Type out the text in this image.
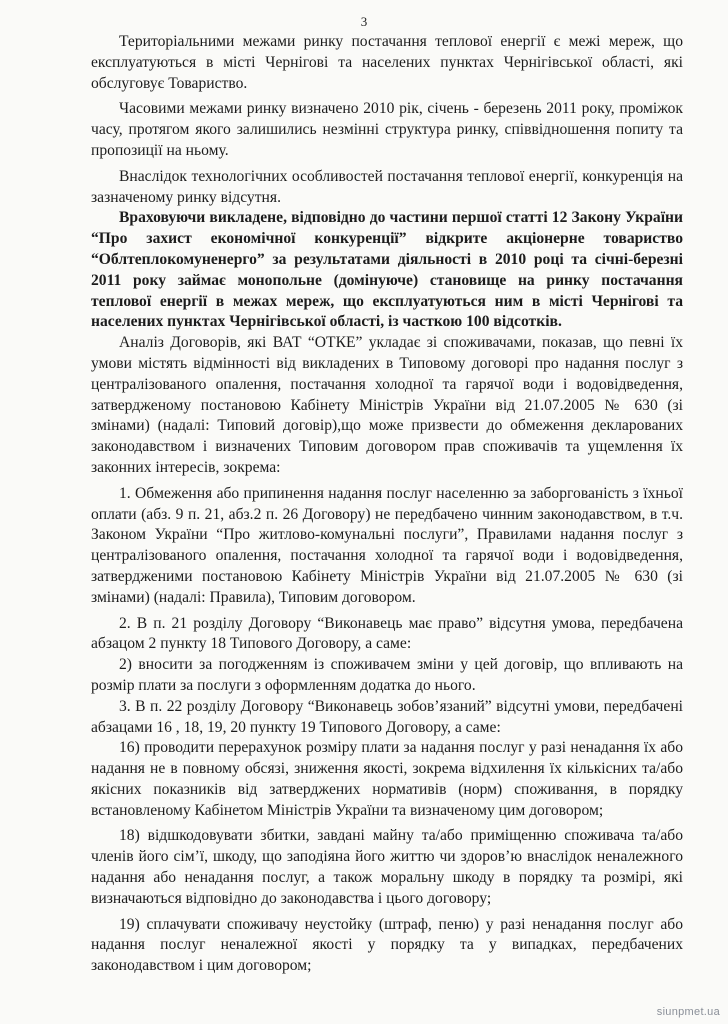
3

Територіальними межами ринку постачання теплової енергії є межі мереж, що експлуатуються в місті Чернігові та населених пунктах Чернігівської області, які обслуговує Товариство.

Часовими межами ринку визначено 2010 рік, січень - березень 2011 року, проміжок часу, протягом якого залишились незмінні структура ринку, співвідношення попиту та пропозиції на ньому.

Внаслідок технологічних особливостей постачання теплової енергії, конкуренція на зазначеному ринку відсутня.

Враховуючи викладене, відповідно до частини першої статті 12 Закону України “Про захист економічної конкуренції” відкрите акціонерне товариство “Облтеплокомуненерго” за результатами діяльності в 2010 році та січні-березні 2011 року займає монопольне (домінуюче) становище на ринку постачання теплової енергії в межах мереж, що експлуатуються ним в місті Чернігові та населених пунктах Чернігівської області, із часткою 100 відсотків.

Аналіз Договорів, які ВАТ “ОТКЕ” укладає зі споживачами, показав, що певні їх умови містять відмінності від викладених в Типовому договорі про надання послуг з централізованого опалення, постачання холодної та гарячої води і водовідведення, затвердженому постановою Кабінету Міністрів України від 21.07.2005 № 630 (зі змінами) (надалі: Типовий договір),що може призвести до обмеження декларованих законодавством і визначених Типовим договором прав споживачів та ущемлення їх законних інтересів, зокрема:

1. Обмеження або припинення надання послуг населенню за заборгованість з їхньої оплати (абз. 9 п. 21, абз.2 п. 26 Договору) не передбачено чинним законодавством, в т.ч. Законом України “Про житлово-комунальні послуги”, Правилами надання послуг з централізованого опалення, постачання холодної та гарячої води і водовідведення, затвердженими постановою Кабінету Міністрів України від 21.07.2005 № 630 (зі змінами) (надалі: Правила), Типовим договором.

2. В п. 21 розділу Договору “Виконавець має право” відсутня умова, передбачена абзацом 2 пункту 18 Типового Договору, а саме:

2) вносити за погодженням із споживачем зміни у цей договір, що впливають на розмір плати за послуги з оформленням додатка до нього.

3. В п. 22 розділу Договору “Виконавець зобов’язаний” відсутні умови, передбачені абзацами 16 , 18, 19, 20 пункту 19 Типового Договору, а саме:

16) проводити перерахунок розміру плати за надання послуг у разі ненадання їх або надання не в повному обсязі, зниження якості, зокрема відхилення їх кількісних та/або якісних показників від затверджених нормативів (норм) споживання, в порядку встановленому Кабінетом Міністрів України та визначеному цим договором;

18) відшкодовувати збитки, завдані майну та/або приміщенню споживача та/або членів його сім’ї, шкоду, що заподіяна його життю чи здоров’ю внаслідок неналежного надання або ненадання послуг, а також моральну шкоду в порядку та розмірі, які визначаються відповідно до законодавства і цього договору;

19) сплачувати споживачу неустойку (штраф, пеню) у разі ненадання послуг або надання послуг неналежної якості у порядку та у випадках, передбачених законодавством і цим договором;

siunpmet.ua
